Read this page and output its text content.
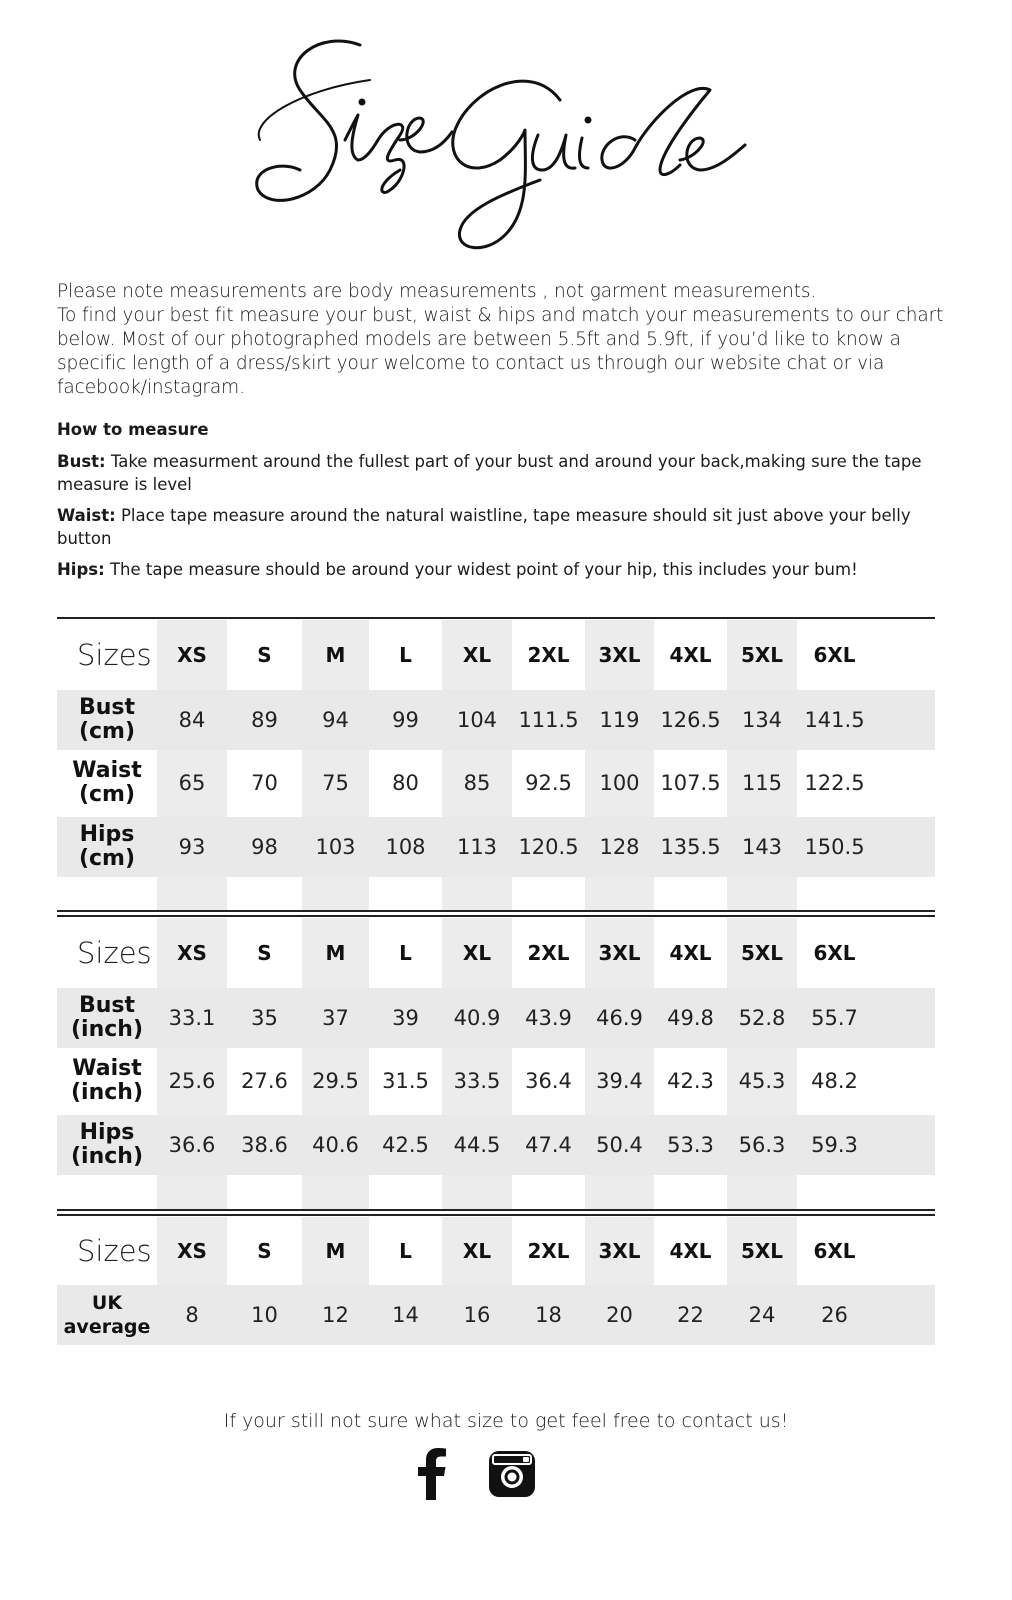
Please note measurements are body measurements , not garment measurements.

To find your best fit measure your bust, waist & hips and match your measurements to our chart below. Most of our photographed models are between 5.5ft and 5.9ft, if you’d like to know a specific length of a dress/skirt your welcome to contact us through our website chat or via facebook/instagram.

How to measure

Bust: Take measurment around the fullest part of your bust and around your back,making sure the tape measure is level

Waist: Place tape measure around the natural waistline, tape measure should sit just above your belly button

Hips: The tape measure should be around your widest point of your hip, this includes your bum!

Sizes	XS	S	M	L	XL	2XL	3XL	4XL	5XL	6XL
Bust
(cm)	84	89	94	99	104	111.5 119 126.5	134	141.5
Waist
(cm)	65	70	75	80	85	92.5	100 107.5	115	122.5
Hips
(cm)	93	98	103	108	113	120.5 128 135.5	143	150.5
Sizes	XS	S	M	L	XL	2XL	3XL	4XL	5XL	6XL
Bust
(inch)	33.1	35	37	39	40.9	43.9	46.9	49.8	52.8	55.7
Waist
(inch)	25.6	27.6	29.5	31.5	33.5	36.4	39.4	42.3	45.3	48.2
Hips
(inch)	36.6	38.6	40.6	42.5	44.5	47.4	50.4	53.3	56.3	59.3
Sizes	XS	S	M	L	XL	2XL	3XL	4XL	5XL	6XL
UK
average	8	10	12	14	16	18	20	22	24	26
If your still not sure what size to get feel free to contact us!
